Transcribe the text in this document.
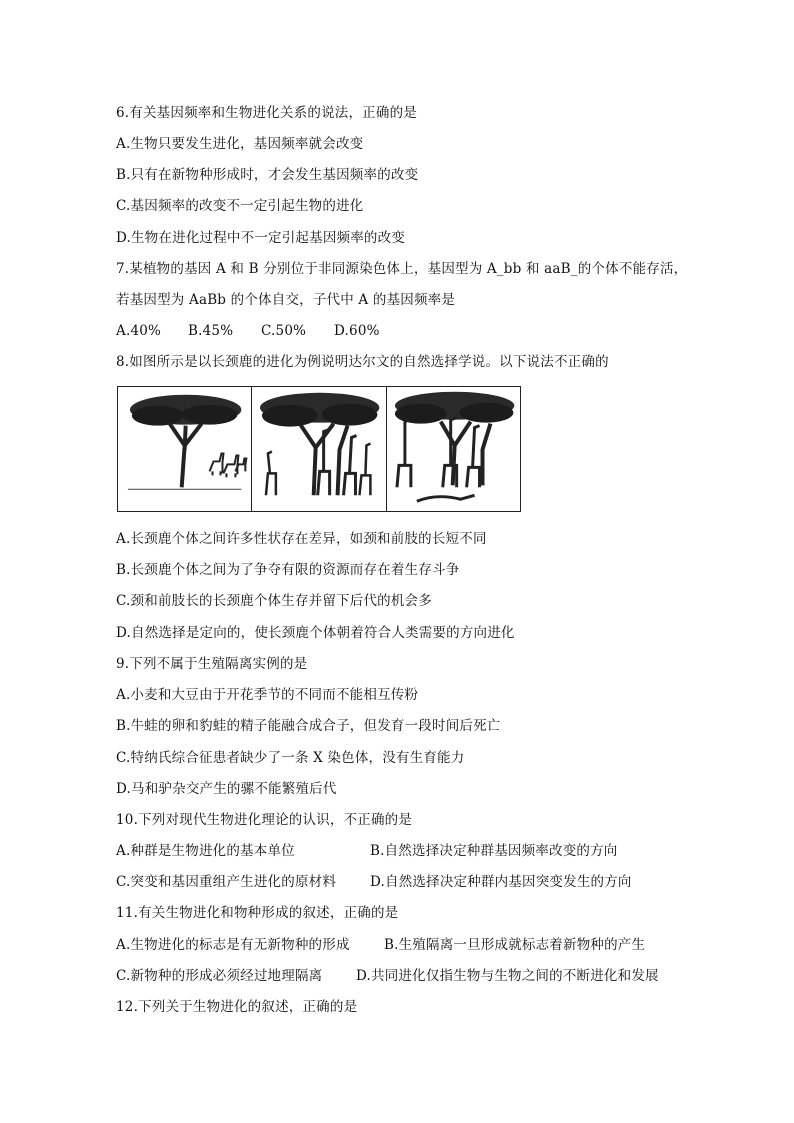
6.有关基因频率和生物进化关系的说法，正确的是
A.生物只要发生进化，基因频率就会改变
B.只有在新物种形成时，才会发生基因频率的改变
C.基因频率的改变不一定引起生物的进化
D.生物在进化过程中不一定引起基因频率的改变
7.某植物的基因 A 和 B 分别位于非同源染色体上，基因型为 A_bb 和 aaB_的个体不能存活，
若基因型为 AaBb 的个体自交，子代中 A 的基因频率是
A.40% B.45% C.50% D.60%
8.如图所示是以长颈鹿的进化为例说明达尔文的自然选择学说。以下说法不正确的
A.长颈鹿个体之间许多性状存在差异，如颈和前肢的长短不同
B.长颈鹿个体之间为了争夺有限的资源而存在着生存斗争
C.颈和前肢长的长颈鹿个体生存并留下后代的机会多
D.自然选择是定向的，使长颈鹿个体朝着符合人类需要的方向进化
9.下列不属于生殖隔离实例的是
A.小麦和大豆由于开花季节的不同而不能相互传粉
B.牛蛙的卵和豹蛙的精子能融合成合子，但发育一段时间后死亡
C.特纳氏综合征患者缺少了一条 X 染色体，没有生育能力
D.马和驴杂交产生的骡不能繁殖后代
10.下列对现代生物进化理论的认识，不正确的是
A.种群是生物进化的基本单位	B.自然选择决定种群基因频率改变的方向
C.突变和基因重组产生进化的原材料	D.自然选择决定种群内基因突变发生的方向
11.有关生物进化和物种形成的叙述，正确的是
A.生物进化的标志是有无新物种的形成	B.生殖隔离一旦形成就标志着新物种的产生
C.新物种的形成必须经过地理隔离 D.共同进化仅指生物与生物之间的不断进化和发展
12.下列关于生物进化的叙述，正确的是
